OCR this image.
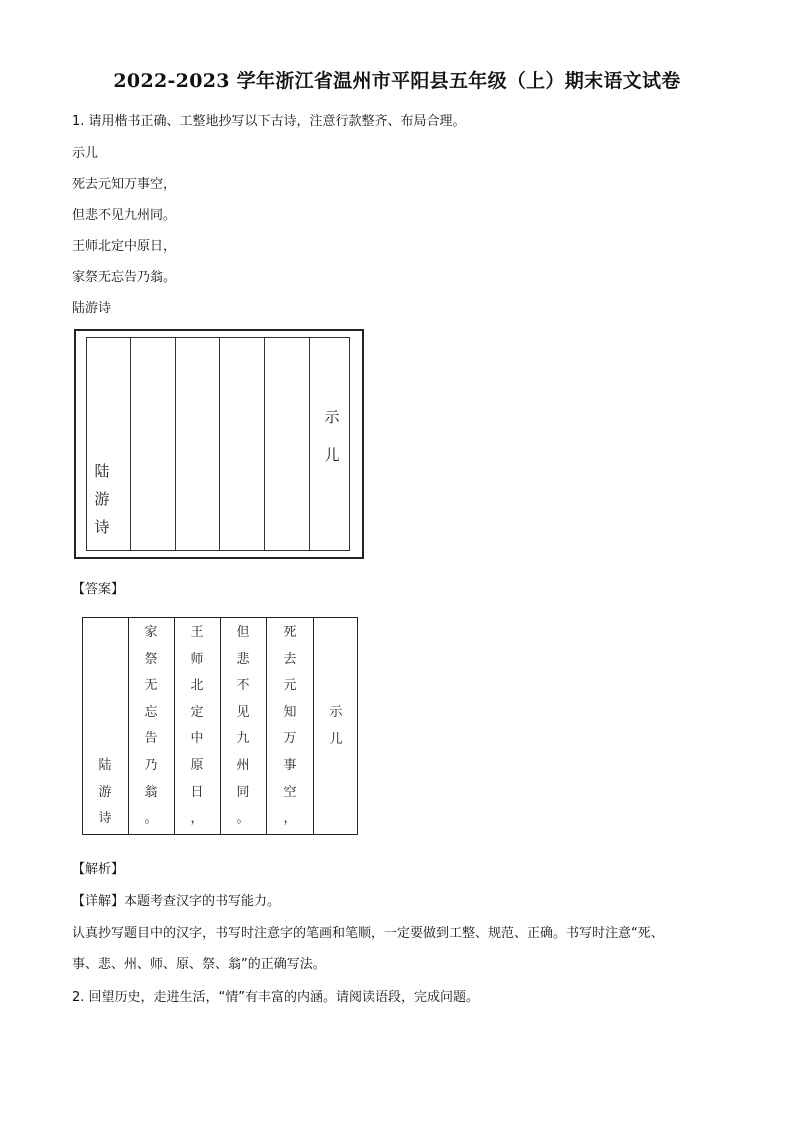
2022-2023 学年浙江省温州市平阳县五年级（上）期末语文试卷
1. 请用楷书正确、工整地抄写以下古诗，注意行款整齐、布局合理。
示儿
死去元知万事空，
但悲不见九州同。
王师北定中原日，
家祭无忘告乃翁。
陆游诗
示
儿
陆
游
诗
【答案】
家
祭
无
忘
告
乃
翁
。
王
师
北
定
中
原
日
，
但
悲
不
见
九
州
同
。
死
去
元
知
万
事
空
，
示
儿
陆
游
诗
【解析】
【详解】本题考查汉字的书写能力。
认真抄写题目中的汉字，书写时注意字的笔画和笔顺，一定要做到工整、规范、正确。书写时注意“死、
事、悲、州、师、原、祭、翁”的正确写法。
2. 回望历史，走进生活，“情”有丰富的内涵。请阅读语段，完成问题。
